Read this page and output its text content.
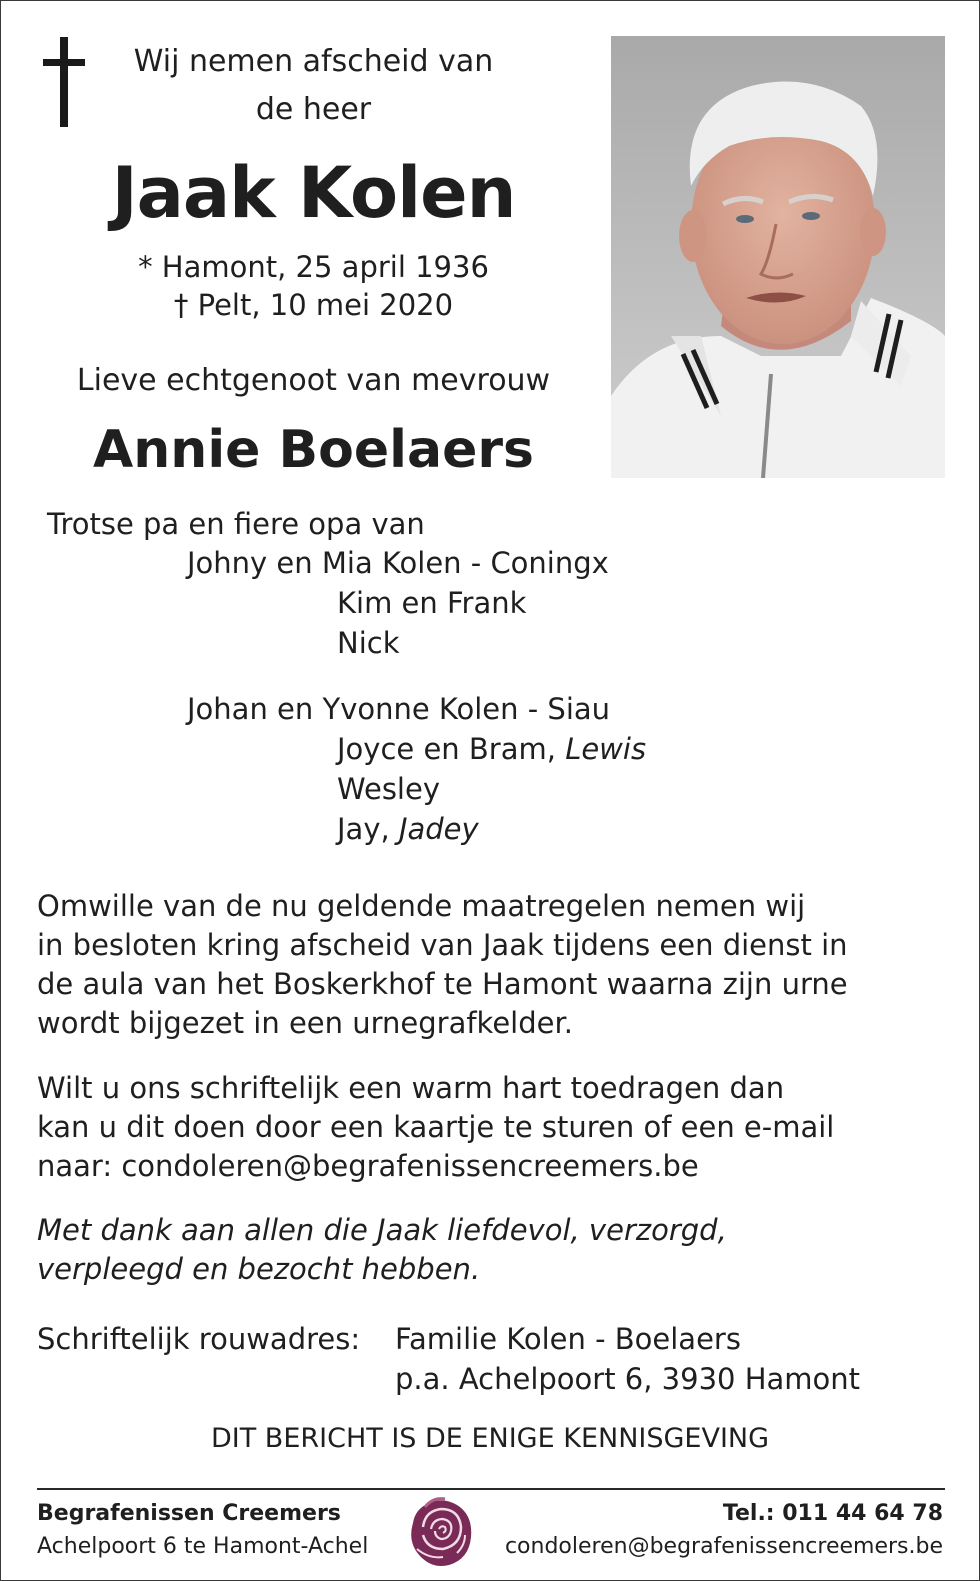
Wij nemen afscheid van
de heer
Jaak Kolen
* Hamont, 25 april 1936
† Pelt, 10 mei 2020
Lieve echtgenoot van mevrouw
Annie Boelaers
Trotse pa en fiere opa van
Johny en Mia Kolen - Coningx
Kim en Frank
Nick
Johan en Yvonne Kolen - Siau
Joyce en Bram, Lewis
Wesley
Jay, Jadey
Omwille van de nu geldende maatregelen nemen wij
in besloten kring afscheid van Jaak tijdens een dienst in
de aula van het Boskerkhof te Hamont waarna zijn urne
wordt bijgezet in een urnegrafkelder.
Wilt u ons schriftelijk een warm hart toedragen dan
kan u dit doen door een kaartje te sturen of een e-mail
naar: condoleren@begrafenissencreemers.be
Met dank aan allen die Jaak liefdevol, verzorgd,
verpleegd en bezocht hebben.
Schriftelijk rouwadres: Familie Kolen - Boelaers
p.a. Achelpoort 6, 3930 Hamont
DIT BERICHT IS DE ENIGE KENNISGEVING
Begrafenissen Creemers
Achelpoort 6 te Hamont-Achel
Tel.: 011 44 64 78
condoleren@begrafenissencreemers.be
